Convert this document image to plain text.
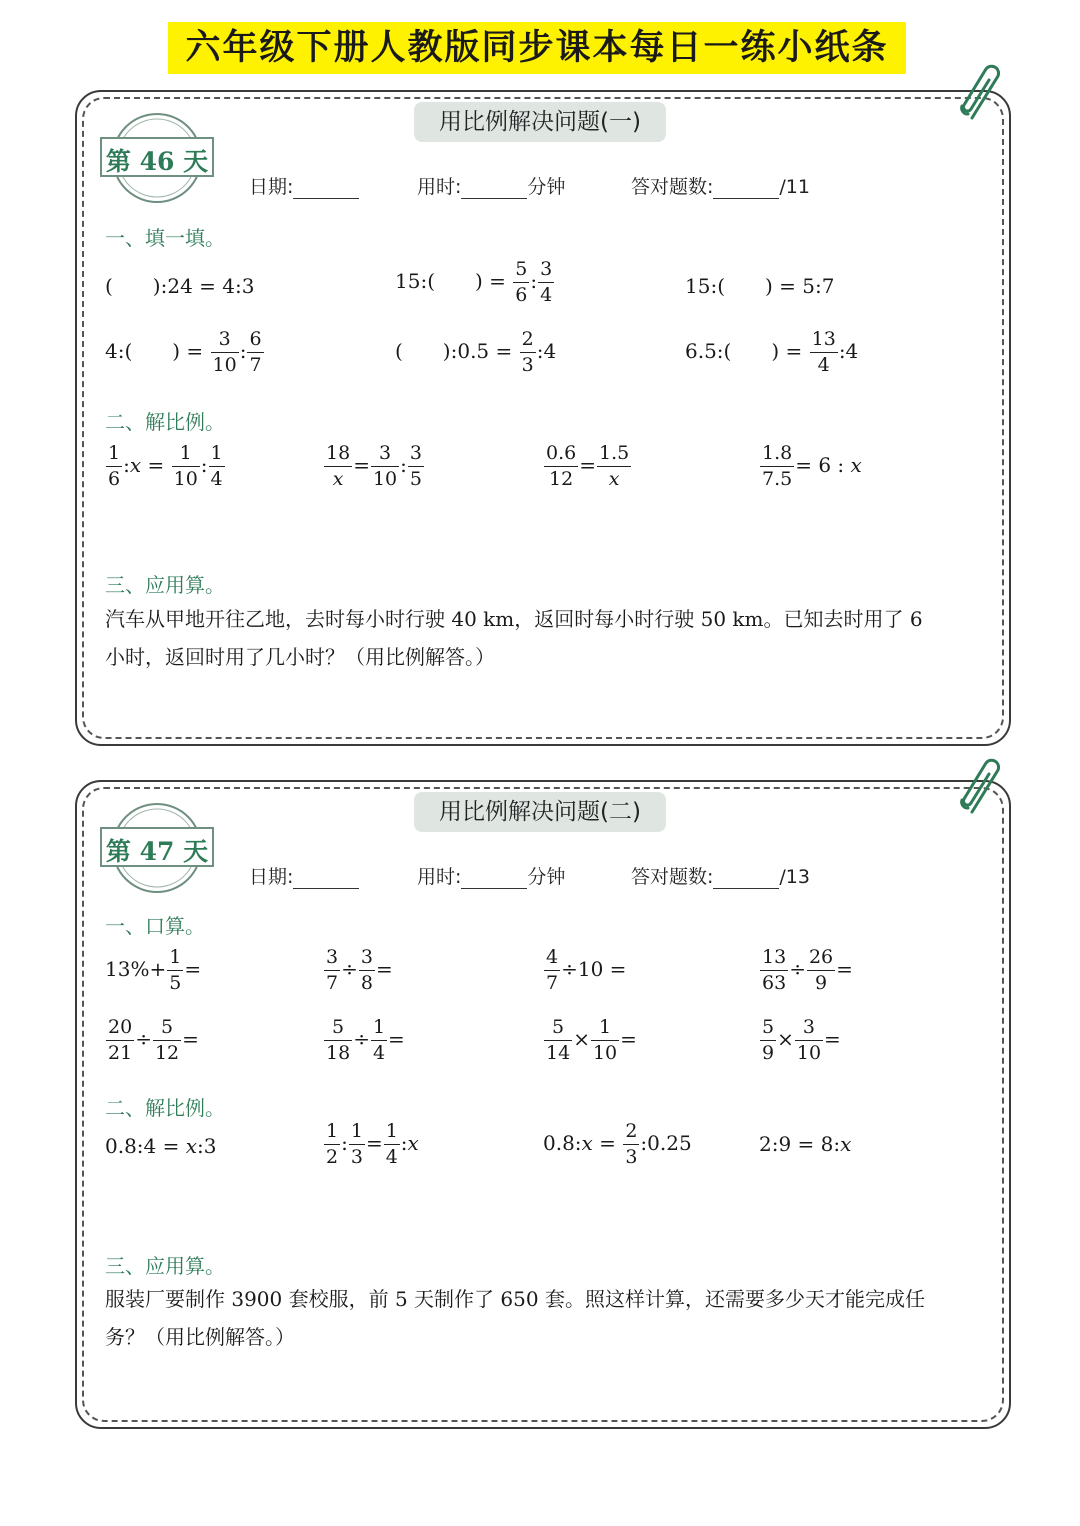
六年级下册人教版同步课本每日一练小纸条
用比例解决问题(一)
第 46 天
日期:	用时:	分钟	答对题数:	/11
一、填一填。
(　　):24 = 4:3	15:(　　) = $\frac{5}{6}$ : $\frac{3}{4}$	15:(　　) = 5:7
4:(　　) = $\frac{3}{10}$ : $\frac{6}{7}$	(　　):0.5 = $\frac{2}{3}$ :4	6.5:(　　) = $\frac{13}{4}$ :4
二、解比例。
$\frac{1}{6}$ :x = $\frac{1}{10}$ : $\frac{1}{4}$	$\frac{18}{x} = \frac{3}{10}$ : $\frac{3}{5}$	$\frac{0.6}{12} = \frac{1.5}{x}$	$\frac{1.8}{7.5} = 6$ : x
三、应用算。
汽车从甲地开往乙地，去时每小时行驶 40 km，返回时每小时行驶 50 km。已知去时用了 6
小时，返回时用了几小时？（用比例解答。）
用比例解决问题(二)
第 47 天
日期:	用时:	分钟	答对题数:	/13
一、口算。
$13\%+ \frac{1}{5}$ =	$\frac{3}{7} \div \frac{3}{8}$ =	$\frac{4}{7} \div 10$ =	$\frac{13}{63} \div \frac{26}{9}$ =
$\frac{20}{21} \div \frac{5}{12}$ =	$\frac{5}{18} \div \frac{1}{4}$ =	$\frac{5}{14} \times \frac{1}{10}$ =	$\frac{5}{9} \times \frac{3}{10}$ =
二、解比例。
0.8:4 = x:3	$\frac{1}{2}$ : $\frac{1}{3} = \frac{1}{4}$ :x	0.8:x = $\frac{2}{3}$ :0.25	2:9 = 8:x
三、应用算。
服装厂要制作 3900 套校服，前 5 天制作了 650 套。照这样计算，还需要多少天才能完成任
务？（用比例解答。）
